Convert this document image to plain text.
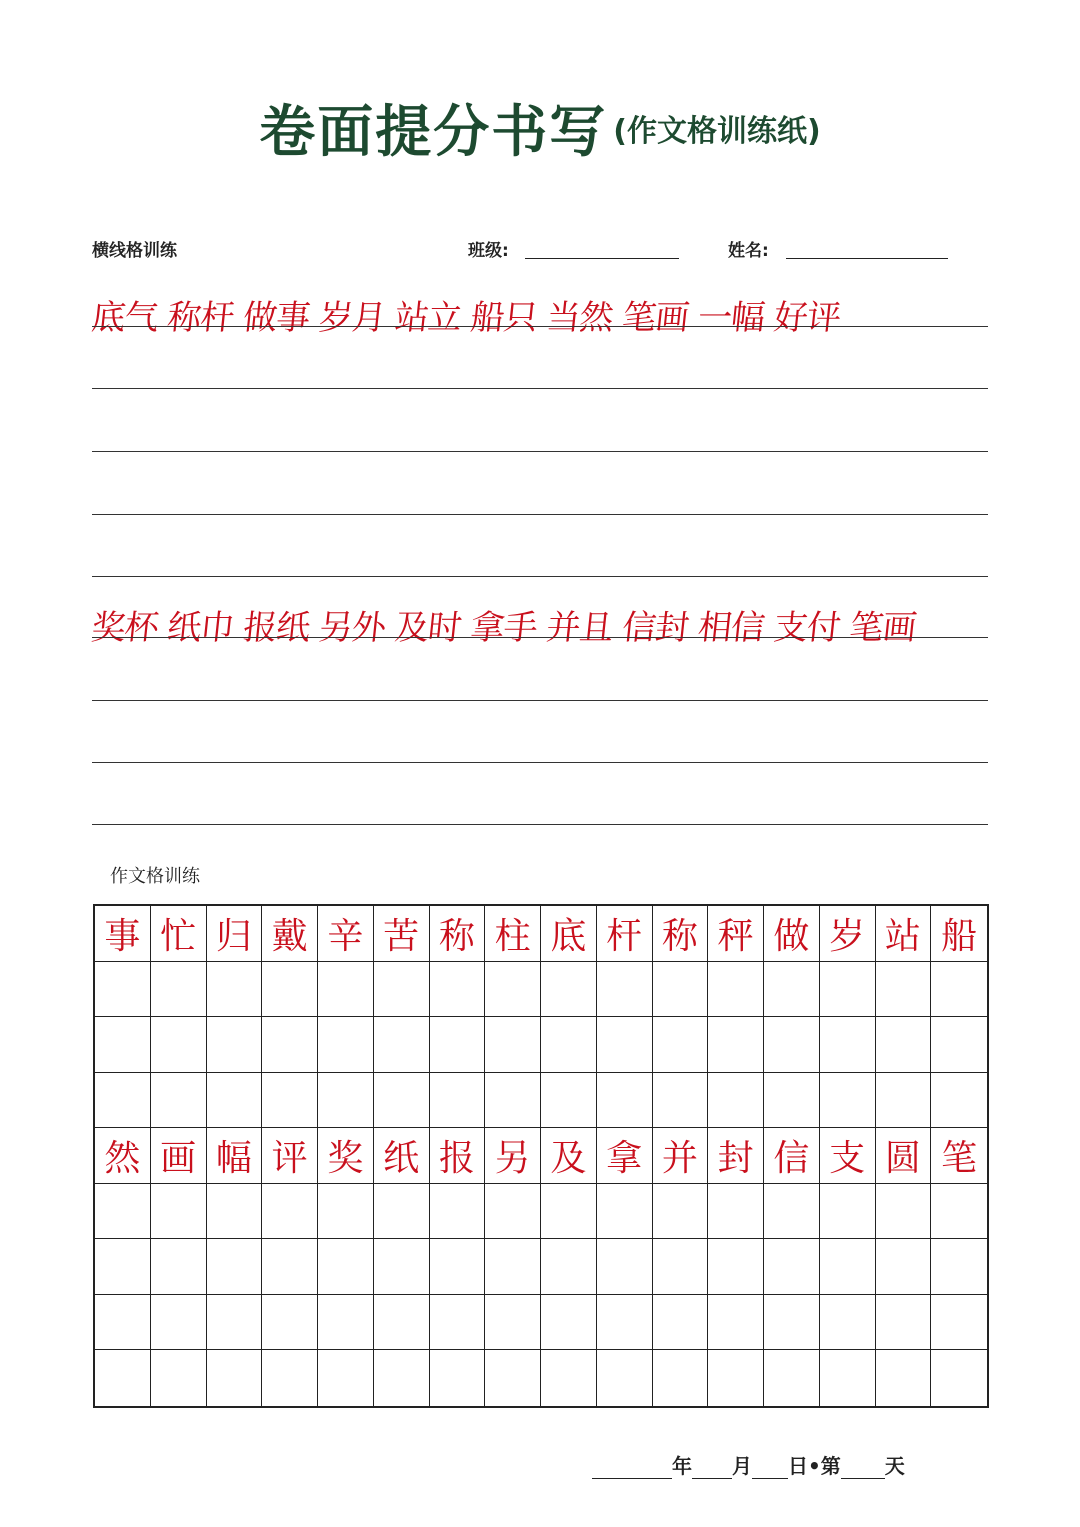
卷面提分书写 (作文格训练纸)
横线格训练	班级:	姓名:
底气 称杆 做事 岁月 站立 船只 当然 笔画 一幅 好评
奖杯 纸巾 报纸 另外 及时 拿手 并且 信封 相信 支付 笔画
作文格训练
事 忙 归 戴 辛 苦 称 柱 底 杆 称 秤 做 岁 站 船
然 画 幅 评 奖 纸 报 另 及 拿 并 封 信 支 圆 笔
年 月 日•第 天
